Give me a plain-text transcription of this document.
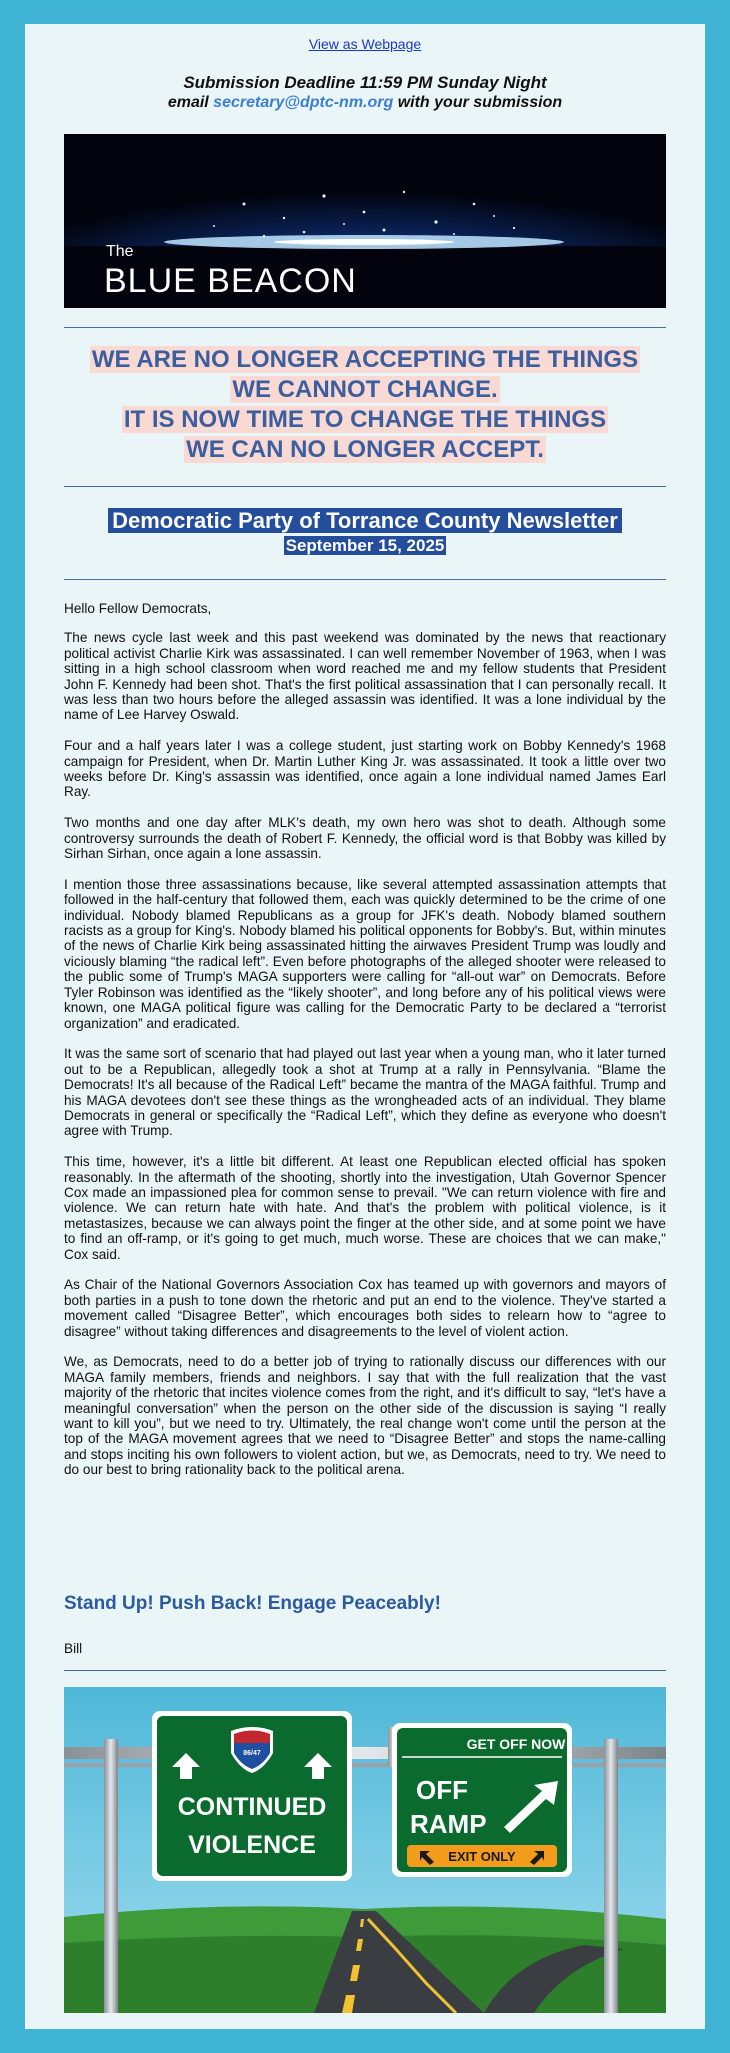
View as Webpage
Submission Deadline 11:59 PM Sunday Night
email secretary@dptc-nm.org with your submission
The
BLUE BEACON
WE ARE NO LONGER ACCEPTING THE THINGS
WE CANNOT CHANGE.
IT IS NOW TIME TO CHANGE THE THINGS
WE CAN NO LONGER ACCEPT.
Democratic Party of Torrance County Newsletter
September 15, 2025

Hello Fellow Democrats,

The news cycle last week and this past weekend was dominated by the news that reactionary political activist Charlie Kirk was assassinated. I can well remember November of 1963, when I was sitting in a high school classroom when word reached me and my fellow students that President John F. Kennedy had been shot. That's the first political assassination that I can personally recall. It was less than two hours before the alleged assassin was identified. It was a lone individual by the name of Lee Harvey Oswald.

Four and a half years later I was a college student, just starting work on Bobby Kennedy's 1968 campaign for President, when Dr. Martin Luther King Jr. was assassinated. It took a little over two weeks before Dr. King's assassin was identified, once again a lone individual named James Earl Ray.

Two months and one day after MLK's death, my own hero was shot to death. Although some controversy surrounds the death of Robert F. Kennedy, the official word is that Bobby was killed by Sirhan Sirhan, once again a lone assassin.

I mention those three assassinations because, like several attempted assassination attempts that followed in the half-century that followed them, each was quickly determined to be the crime of one individual. Nobody blamed Republicans as a group for JFK's death. Nobody blamed southern racists as a group for King's. Nobody blamed his political opponents for Bobby's. But, within minutes of the news of Charlie Kirk being assassinated hitting the airwaves President Trump was loudly and viciously blaming “the radical left”. Even before photographs of the alleged shooter were released to the public some of Trump's MAGA supporters were calling for “all-out war” on Democrats. Before Tyler Robinson was identified as the “likely shooter”, and long before any of his political views were known, one MAGA political figure was calling for the Democratic Party to be declared a “terrorist organization” and eradicated.

It was the same sort of scenario that had played out last year when a young man, who it later turned out to be a Republican, allegedly took a shot at Trump at a rally in Pennsylvania. “Blame the Democrats! It's all because of the Radical Left” became the mantra of the MAGA faithful. Trump and his MAGA devotees don't see these things as the wrongheaded acts of an individual. They blame Democrats in general or specifically the “Radical Left”, which they define as everyone who doesn't agree with Trump.

This time, however, it's a little bit different. At least one Republican elected official has spoken reasonably. In the aftermath of the shooting, shortly into the investigation, Utah Governor Spencer Cox made an impassioned plea for common sense to prevail. "We can return violence with fire and violence. We can return hate with hate. And that's the problem with political violence, is it metastasizes, because we can always point the finger at the other side, and at some point we have to find an off-ramp, or it's going to get much, much worse. These are choices that we can make," Cox said.

As Chair of the National Governors Association Cox has teamed up with governors and mayors of both parties in a push to tone down the rhetoric and put an end to the violence. They've started a movement called “Disagree Better”, which encourages both sides to relearn how to “agree to disagree” without taking differences and disagreements to the level of violent action.

We, as Democrats, need to do a better job of trying to rationally discuss our differences with our MAGA family members, friends and neighbors. I say that with the full realization that the vast majority of the rhetoric that incites violence comes from the right, and it's difficult to say, “let's have a meaningful conversation” when the person on the other side of the discussion is saying “I really want to kill you”, but we need to try. Ultimately, the real change won't come until the person at the top of the MAGA movement agrees that we need to “Disagree Better” and stops the name-calling and stops inciting his own followers to violent action, but we, as Democrats, need to try. We need to do our best to bring rationality back to the political arena.

Stand Up! Push Back! Engage Peaceably!
Bill
86/47
CONTINUED
VIOLENCE
GET OFF NOW
OFF
RAMP
EXIT ONLY
